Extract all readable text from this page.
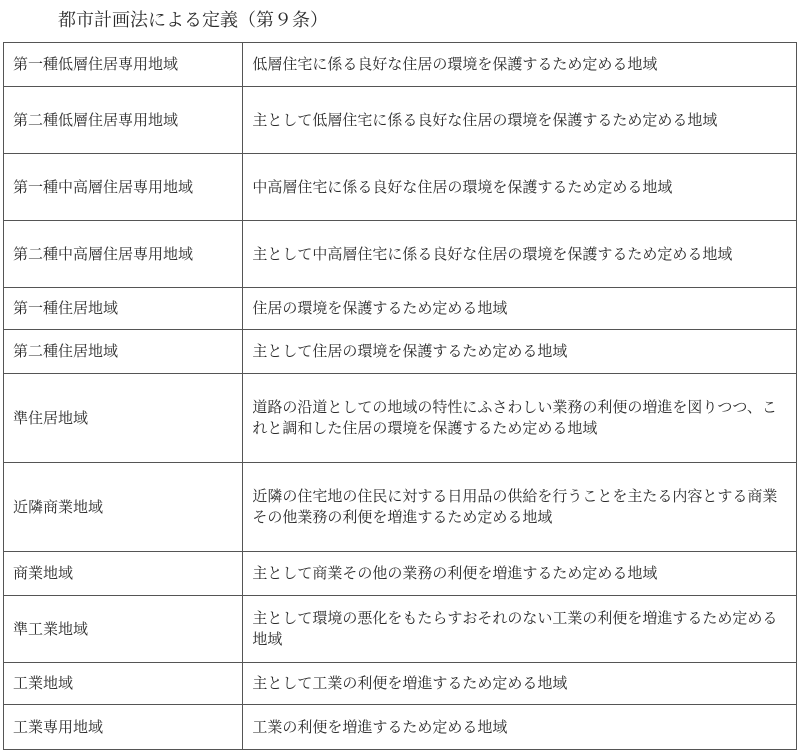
都市計画法による定義（第９条）
第一種低層住居専用地域	低層住宅に係る良好な住居の環境を保護するため定める地域
第二種低層住居専用地域	主として低層住宅に係る良好な住居の環境を保護するため定める地域
第一種中高層住居専用地域	中高層住宅に係る良好な住居の環境を保護するため定める地域
第二種中高層住居専用地域	主として中高層住宅に係る良好な住居の環境を保護するため定める地域
第一種住居地域	住居の環境を保護するため定める地域
第二種住居地域	主として住居の環境を保護するため定める地域
準住居地域	道路の沿道としての地域の特性にふさわしい業務の利便の増進を図りつつ、これと調和した住居の環境を保護するため定める地域
近隣商業地域	近隣の住宅地の住民に対する日用品の供給を行うことを主たる内容とする商業その他業務の利便を増進するため定める地域
商業地域	主として商業その他の業務の利便を増進するため定める地域
準工業地域	主として環境の悪化をもたらすおそれのない工業の利便を増進するため定める地域
工業地域	主として工業の利便を増進するため定める地域
工業専用地域	工業の利便を増進するため定める地域
